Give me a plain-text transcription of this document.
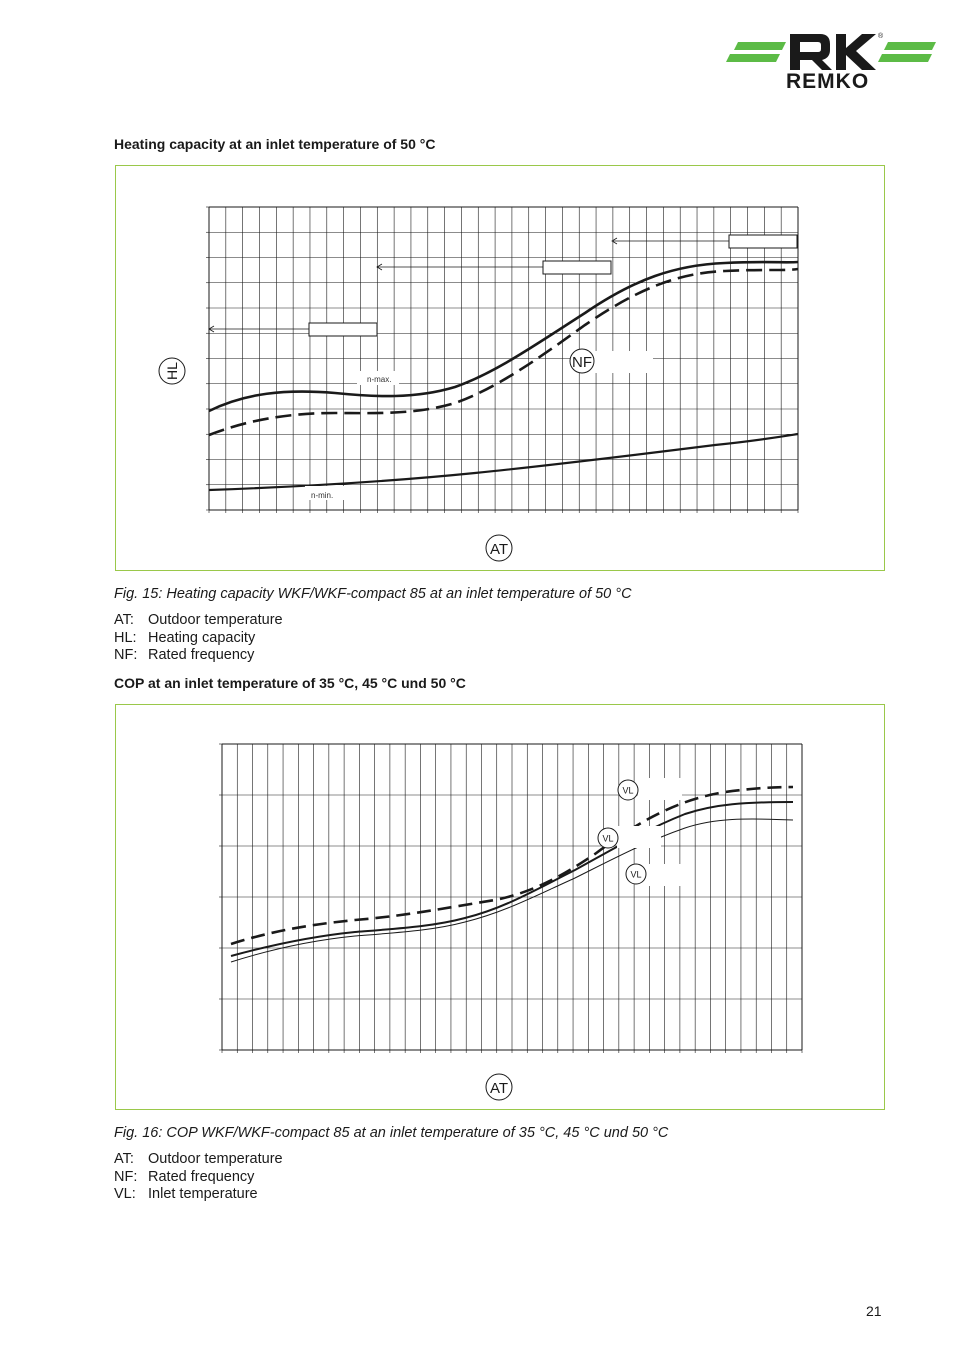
®
REMKO
Heating capacity at an inlet temperature of 50 °C
n-max.
n-min.
NF
HL
AT
Fig. 15: Heating capacity WKF/WKF-compact 85 at an inlet temperature of 50 °C
AT: Outdoor temperature
HL: Heating capacity
NF: Rated frequency
COP at an inlet temperature of 35 °C, 45 °C und 50 °C
VL
VL
VL
AT
Fig. 16: COP WKF/WKF-compact 85 at an inlet temperature of 35 °C, 45 °C und 50 °C
AT: Outdoor temperature
NF: Rated frequency
VL: Inlet temperature
21
